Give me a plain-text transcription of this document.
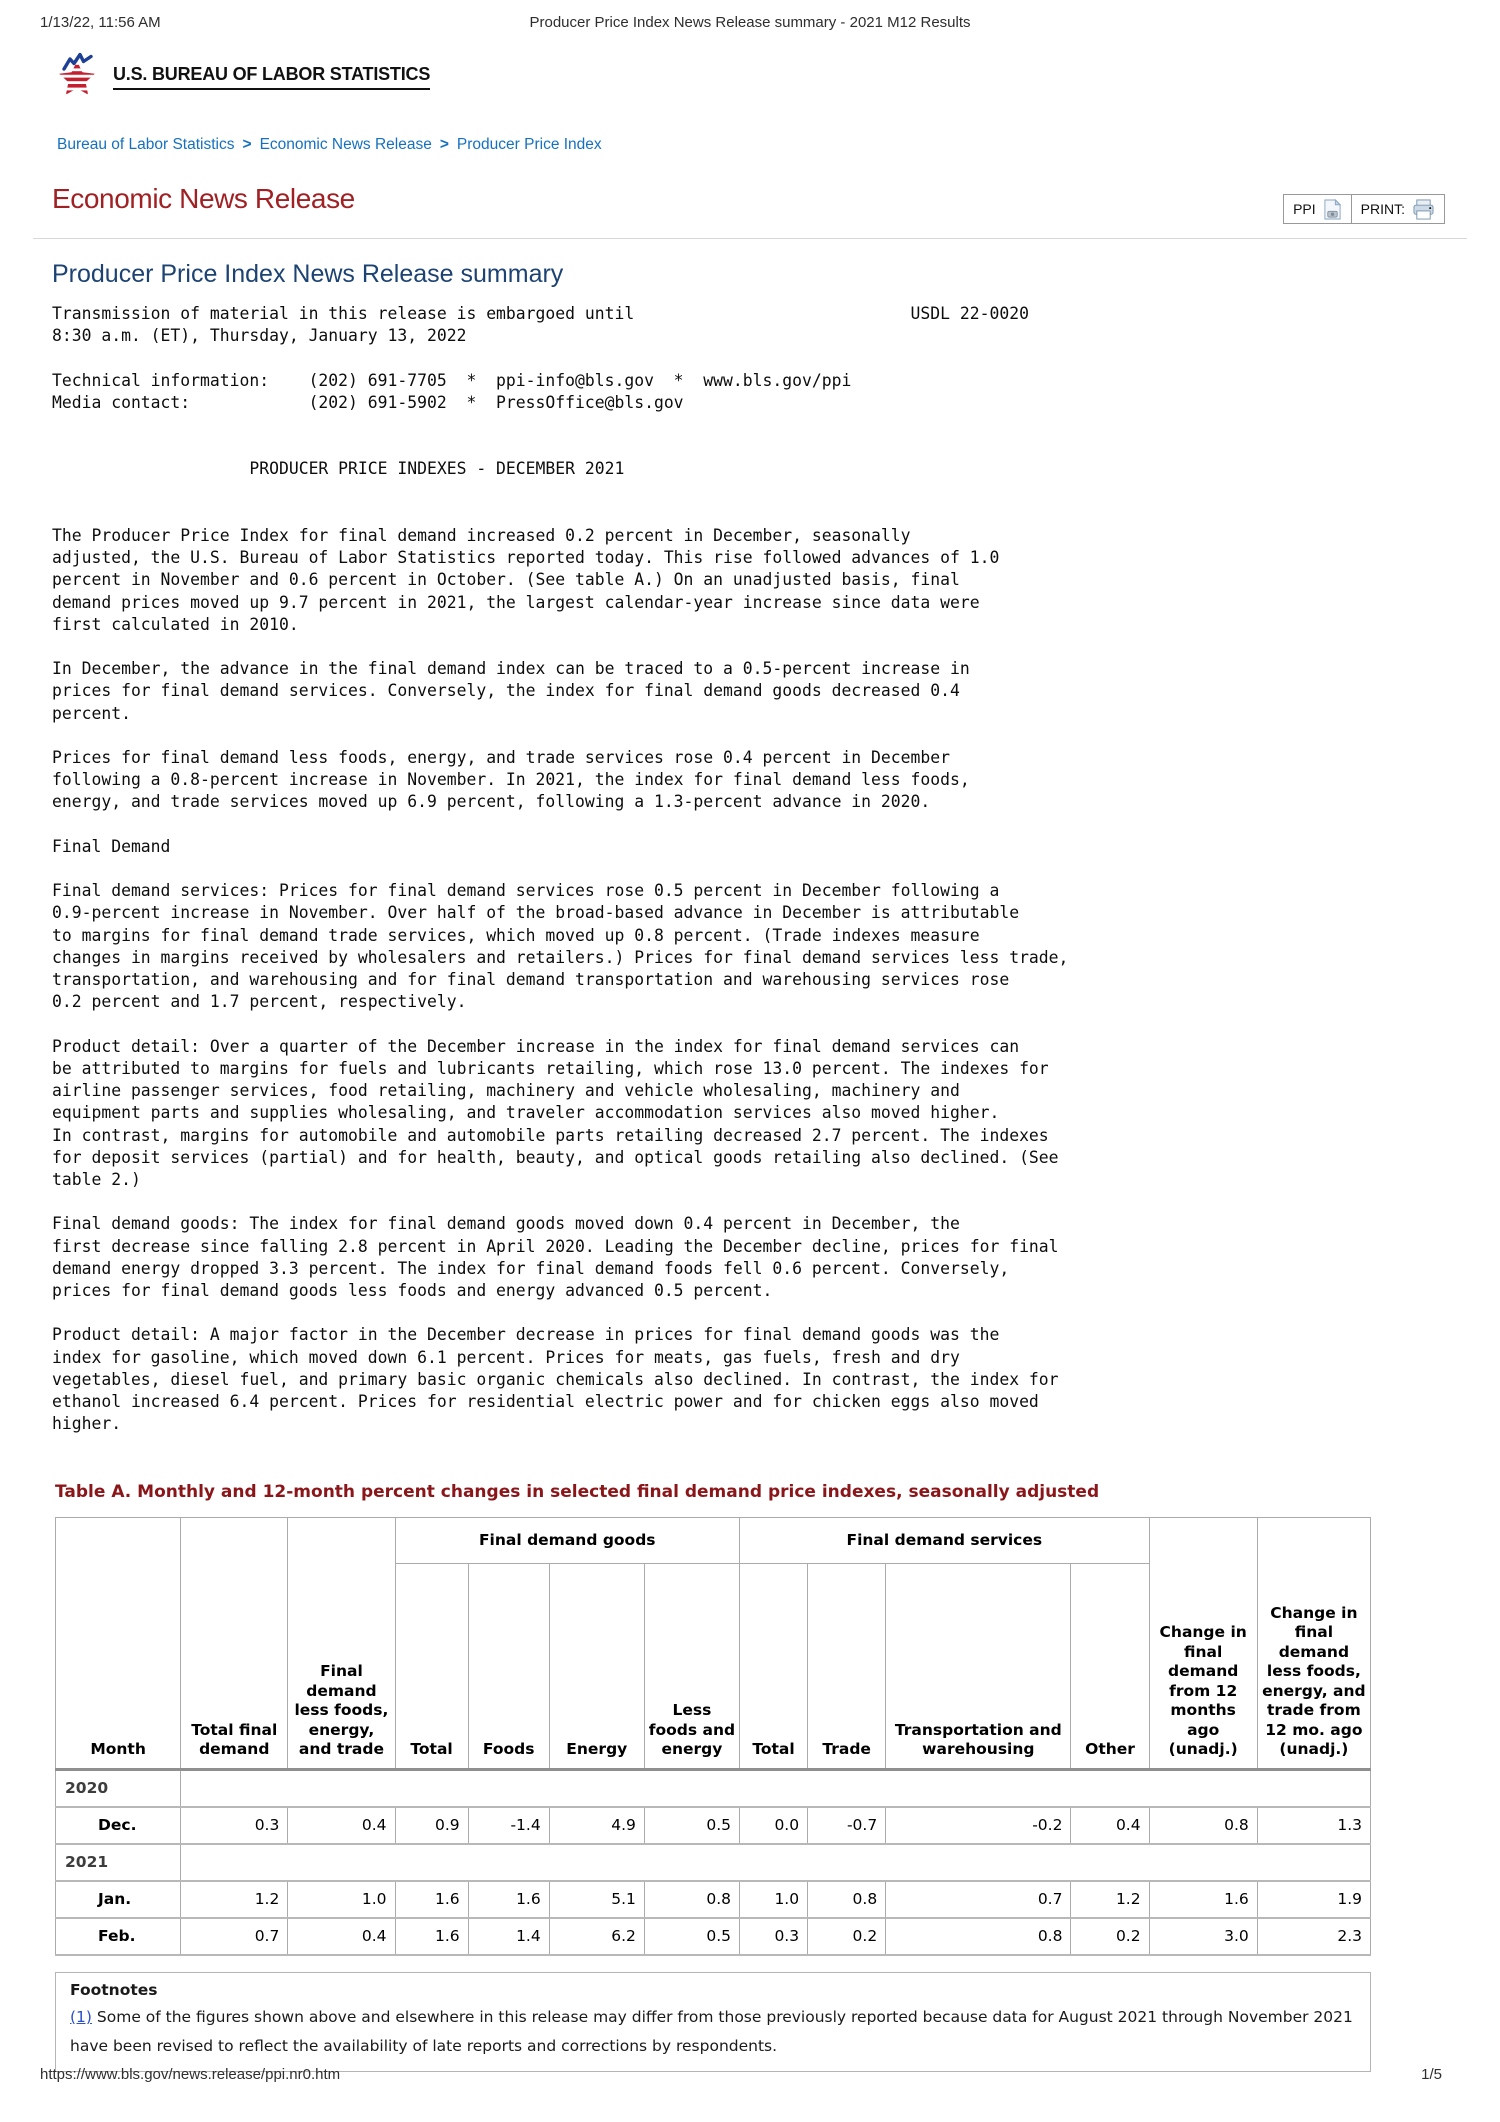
Producer Price Index News Release summary - 2021 M12 Results
1/13/22, 11:56 AM
U.S. BUREAU OF LABOR STATISTICS
Bureau of Labor Statistics > Economic News Release > Producer Price Index
Economic News Release	PPI	PRINT:
Producer Price Index News Release summary
Transmission of material in this release is embargoed until                            USDL 22-0020
8:30 a.m. (ET), Thursday, January 13, 2022

Technical information:    (202) 691-7705  *  ppi-info@bls.gov  *  www.bls.gov/ppi
Media contact:            (202) 691-5902  *  PressOffice@bls.gov

PRODUCER PRICE INDEXES - DECEMBER 2021

The Producer Price Index for final demand increased 0.2 percent in December, seasonally
adjusted, the U.S. Bureau of Labor Statistics reported today. This rise followed advances of 1.0
percent in November and 0.6 percent in October. (See table A.) On an unadjusted basis, final
demand prices moved up 9.7 percent in 2021, the largest calendar-year increase since data were
first calculated in 2010.

In December, the advance in the final demand index can be traced to a 0.5-percent increase in
prices for final demand services. Conversely, the index for final demand goods decreased 0.4
percent.

Prices for final demand less foods, energy, and trade services rose 0.4 percent in December
following a 0.8-percent increase in November. In 2021, the index for final demand less foods,
energy, and trade services moved up 6.9 percent, following a 1.3-percent advance in 2020.

Final Demand

Final demand services: Prices for final demand services rose 0.5 percent in December following a
0.9-percent increase in November. Over half of the broad-based advance in December is attributable
to margins for final demand trade services, which moved up 0.8 percent. (Trade indexes measure
changes in margins received by wholesalers and retailers.) Prices for final demand services less trade,
transportation, and warehousing and for final demand transportation and warehousing services rose
0.2 percent and 1.7 percent, respectively.

Product detail: Over a quarter of the December increase in the index for final demand services can
be attributed to margins for fuels and lubricants retailing, which rose 13.0 percent. The indexes for
airline passenger services, food retailing, machinery and vehicle wholesaling, machinery and
equipment parts and supplies wholesaling, and traveler accommodation services also moved higher.
In contrast, margins for automobile and automobile parts retailing decreased 2.7 percent. The indexes
for deposit services (partial) and for health, beauty, and optical goods retailing also declined. (See
table 2.)

Final demand goods: The index for final demand goods moved down 0.4 percent in December, the
first decrease since falling 2.8 percent in April 2020. Leading the December decline, prices for final
demand energy dropped 3.3 percent. The index for final demand foods fell 0.6 percent. Conversely,
prices for final demand goods less foods and energy advanced 0.5 percent.

Product detail: A major factor in the December decrease in prices for final demand goods was the
index for gasoline, which moved down 6.1 percent. Prices for meats, gas fuels, fresh and dry
vegetables, diesel fuel, and primary basic organic chemicals also declined. In contrast, the index for
ethanol increased 6.4 percent. Prices for residential electric power and for chicken eggs also moved
higher.

Table A. Monthly and 12-month percent changes in selected final demand price indexes, seasonally adjusted

Month	Total final demand	Final demand less foods, energy, and trade	Final demand goods				Final demand services				Change in final demand from 12 months ago (unadj.)	Change in final demand less foods, energy, and trade from 12 mo. ago (unadj.)
			Total	Foods	Energy	Less foods and energy	Total	Trade	Transportation and warehousing	Other		
2020												
Dec.	0.3	0.4	0.9	-1.4	4.9	0.5	0.0	-0.7	-0.2	0.4	0.8	1.3
2021												
Jan.	1.2	1.0	1.6	1.6	5.1	0.8	1.0	0.8	0.7	1.2	1.6	1.9
Feb.	0.7	0.4	1.6	1.4	6.2	0.5	0.3	0.2	0.8	0.2	3.0	2.3

Footnotes

(1) Some of the figures shown above and elsewhere in this release may differ from those previously reported because data for August 2021 through November 2021 have been revised to reflect the availability of late reports and corrections by respondents.
https://www.bls.gov/news.release/ppi.nr0.htm	1/5
